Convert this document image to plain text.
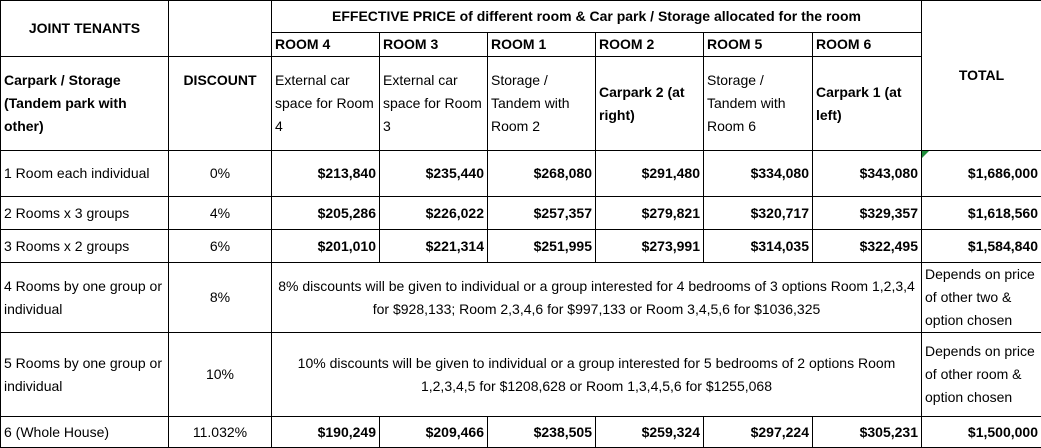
JOINT TENANTS		EFFECTIVE PRICE of different room & Car park / Storage allocated for the room						TOTAL
		ROOM 4	ROOM 3	ROOM 1	ROOM 2	ROOM 5	ROOM 6	
Carpark / Storage (Tandem park with other)	DISCOUNT	External car space for Room 4	External car space for Room 3	Storage / Tandem with Room 2	Carpark 2 (at right)	Storage / Tandem with Room 6	Carpark 1 (at left)	
1 Room each individual	0%	$213,840	$235,440	$268,080	$291,480	$334,080	$343,080	$1,686,000
2 Rooms x 3 groups	4%	$205,286	$226,022	$257,357	$279,821	$320,717	$329,357	$1,618,560
3 Rooms x 2 groups	6%	$201,010	$221,314	$251,995	$273,991	$314,035	$322,495	$1,584,840
4 Rooms by one group or individual	8%	8% discounts will be given to individual or a group interested for 4 bedrooms of 3 options Room 1,2,3,4 for $928,133; Room 2,3,4,6 for $997,133 or Room 3,4,5,6 for $1036,325						Depends on price of other two & option chosen
5 Rooms by one group or individual	10%	10% discounts will be given to individual or a group interested for 5 bedrooms of 2 options Room 1,2,3,4,5 for $1208,628 or Room 1,3,4,5,6 for $1255,068						Depends on price of other room & option chosen
6 (Whole House)	11.032%	$190,249	$209,466	$238,505	$259,324	$297,224	$305,231	$1,500,000
